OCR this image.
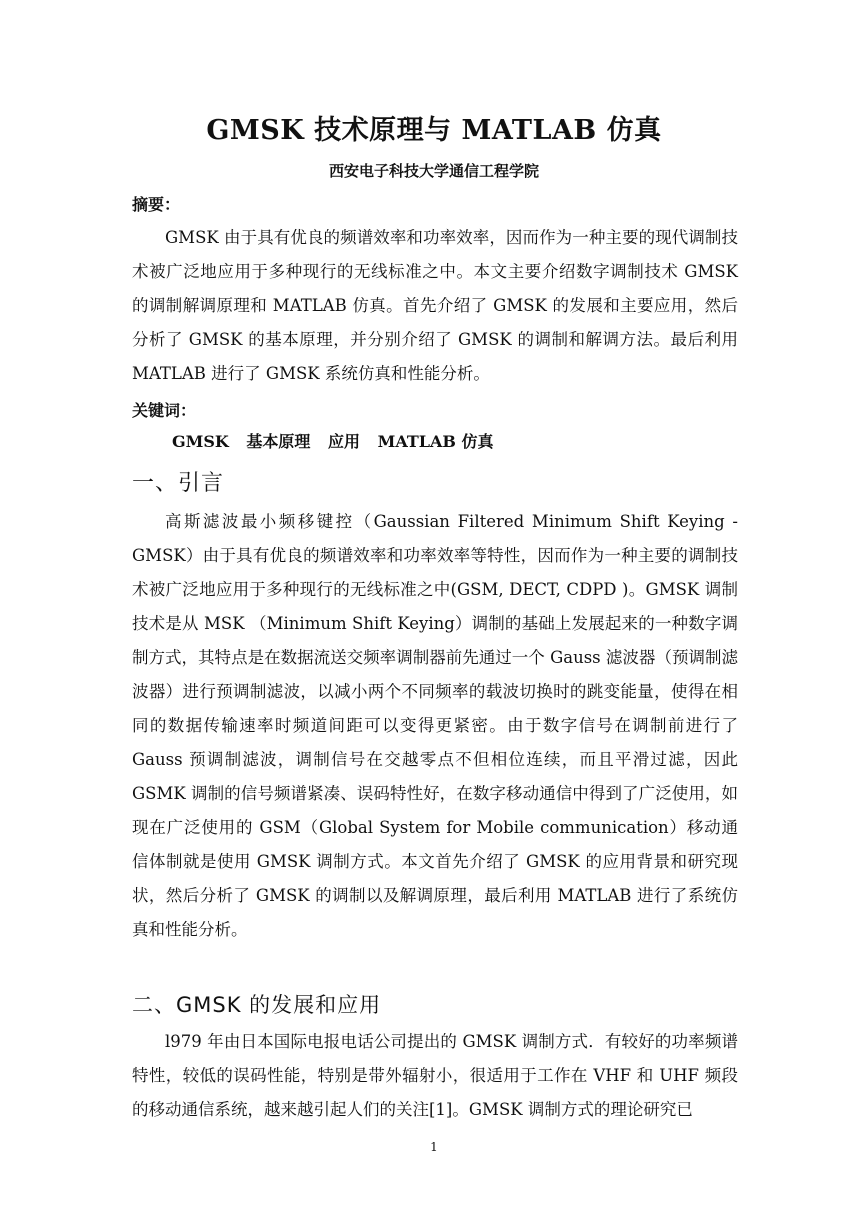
GMSK 技术原理与 MATLAB 仿真
西安电子科技大学通信工程学院
摘要：

GMSK 由于具有优良的频谱效率和功率效率，因而作为一种主要的现代调制技术被广泛地应用于多种现行的无线标准之中。本文主要介绍数字调制技术 GMSK 的调制解调原理和 MATLAB 仿真。首先介绍了 GMSK 的发展和主要应用，然后分析了 GMSK 的基本原理，并分别介绍了 GMSK 的调制和解调方法。最后利用 MATLAB 进行了 GMSK 系统仿真和性能分析。

关键词：
GMSK 基本原理 应用 MATLAB 仿真
一、引言

高斯滤波最小频移键控（Gaussian Filtered Minimum Shift Keying - GMSK）由于具有优良的频谱效率和功率效率等特性，因而作为一种主要的调制技术被广泛地应用于多种现行的无线标准之中(GSM, DECT, CDPD )。GMSK 调制技术是从 MSK （Minimum Shift Keying）调制的基础上发展起来的一种数字调制方式，其特点是在数据流送交频率调制器前先通过一个 Gauss 滤波器（预调制滤波器）进行预调制滤波，以减小两个不同频率的载波切换时的跳变能量，使得在相同的数据传输速率时频道间距可以变得更紧密。由于数字信号在调制前进行了 Gauss 预调制滤波，调制信号在交越零点不但相位连续，而且平滑过滤，因此 GSMK 调制的信号频谱紧凑、误码特性好，在数字移动通信中得到了广泛使用，如现在广泛使用的 GSM（Global System for Mobile communication）移动通信体制就是使用 GMSK 调制方式。本文首先介绍了 GMSK 的应用背景和研究现状，然后分析了 GMSK 的调制以及解调原理，最后利用 MATLAB 进行了系统仿真和性能分析。

二、GMSK 的发展和应用

l979 年由日本国际电报电话公司提出的 GMSK 调制方式．有较好的功率频谱特性，较低的误码性能，特别是带外辐射小，很适用于工作在 VHF 和 UHF 频段的移动通信系统，越来越引起人们的关注[1]。GMSK 调制方式的理论研究已

1
